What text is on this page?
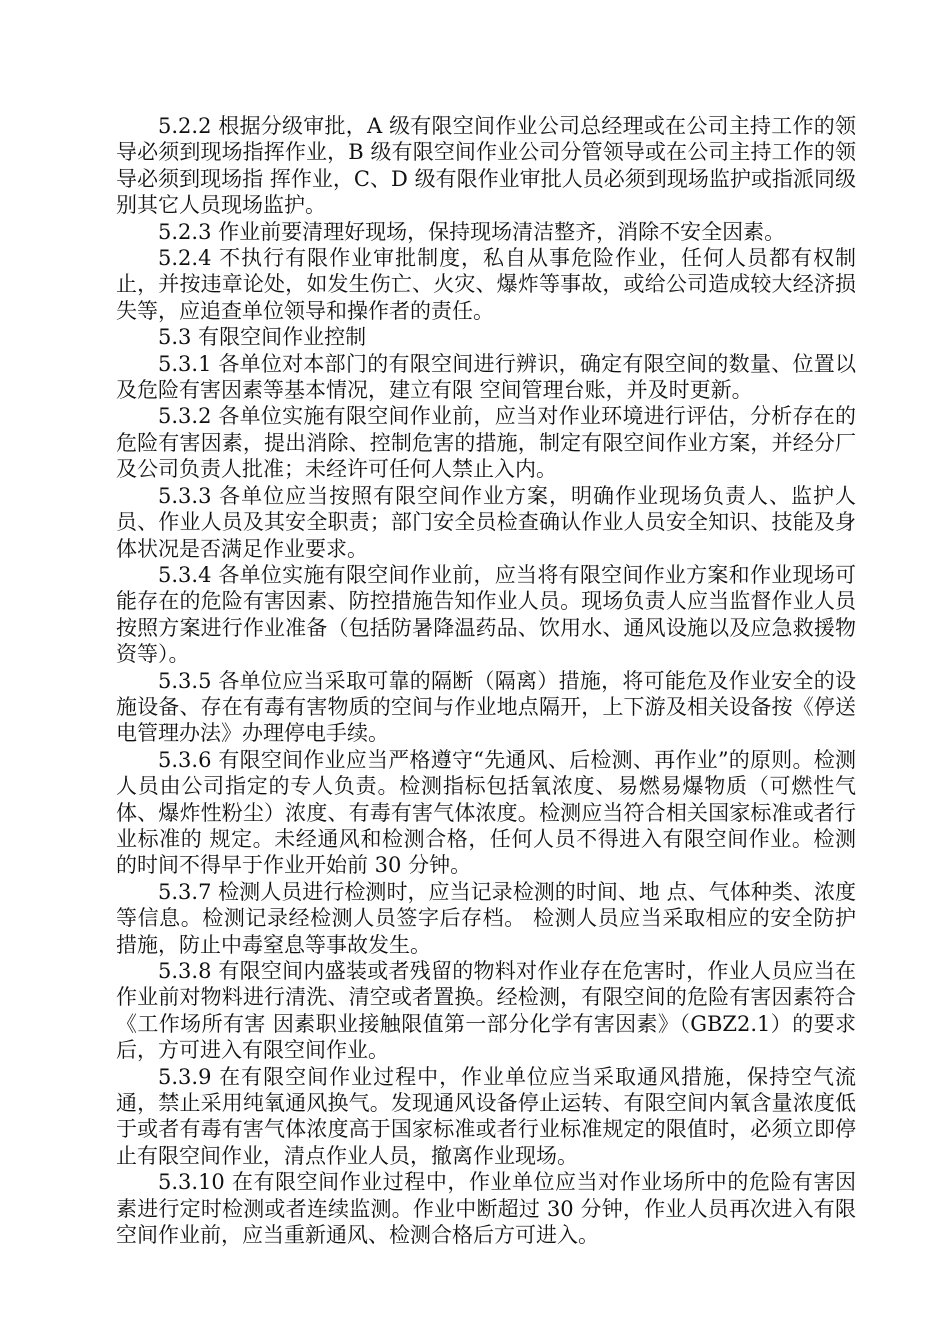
5.2.2 根据分级审批，A 级有限空间作业公司总经理或在公司主持工作的领导必须到现场指挥作业，B 级有限空间作业公司分管领导或在公司主持工作的领导必须到现场指 挥作业，C、D 级有限作业审批人员必须到现场监护或指派同级别其它人员现场监护。

5.2.3 作业前要清理好现场，保持现场清洁整齐，消除不安全因素。

5.2.4 不执行有限作业审批制度，私自从事危险作业，任何人员都有权制止，并按违章论处，如发生伤亡、火灾、爆炸等事故，或给公司造成较大经济损失等，应追查单位领导和操作者的责任。

5.3 有限空间作业控制

5.3.1 各单位对本部门的有限空间进行辨识，确定有限空间的数量、位置以及危险有害因素等基本情况，建立有限 空间管理台账，并及时更新。

5.3.2 各单位实施有限空间作业前，应当对作业环境进行评估，分析存在的危险有害因素，提出消除、控制危害的措施，制定有限空间作业方案，并经分厂及公司负责人批准；未经许可任何人禁止入内。

5.3.3 各单位应当按照有限空间作业方案，明确作业现场负责人、监护人员、作业人员及其安全职责；部门安全员检查确认作业人员安全知识、技能及身体状况是否满足作业要求。

5.3.4 各单位实施有限空间作业前，应当将有限空间作业方案和作业现场可能存在的危险有害因素、防控措施告知作业人员。现场负责人应当监督作业人员按照方案进行作业准备（包括防暑降温药品、饮用水、通风设施以及应急救援物资等）。

5.3.5 各单位应当采取可靠的隔断（隔离）措施，将可能危及作业安全的设施设备、存在有毒有害物质的空间与作业地点隔开，上下游及相关设备按《停送电管理办法》办理停电手续。

5.3.6 有限空间作业应当严格遵守“先通风、后检测、再作业”的原则。检测人员由公司指定的专人负责。检测指标包括氧浓度、易燃易爆物质（可燃性气体、爆炸性粉尘）浓度、有毒有害气体浓度。检测应当符合相关国家标准或者行业标准的 规定。未经通风和检测合格，任何人员不得进入有限空间作业。检测的时间不得早于作业开始前 30 分钟。

5.3.7 检测人员进行检测时，应当记录检测的时间、地 点、气体种类、浓度等信息。检测记录经检测人员签字后存档。 检测人员应当采取相应的安全防护措施，防止中毒窒息等事故发生。

5.3.8 有限空间内盛装或者残留的物料对作业存在危害时，作业人员应当在作业前对物料进行清洗、清空或者置换。经检测，有限空间的危险有害因素符合《工作场所有害 因素职业接触限值第一部分化学有害因素》（GBZ2.1）的要求后，方可进入有限空间作业。

5.3.9 在有限空间作业过程中，作业单位应当采取通风措施，保持空气流通，禁止采用纯氧通风换气。发现通风设备停止运转、有限空间内氧含量浓度低于或者有毒有害气体浓度高于国家标准或者行业标准规定的限值时，必须立即停止有限空间作业，清点作业人员，撤离作业现场。

5.3.10 在有限空间作业过程中，作业单位应当对作业场所中的危险有害因素进行定时检测或者连续监测。作业中断超过 30 分钟，作业人员再次进入有限空间作业前，应当重新通风、检测合格后方可进入。
